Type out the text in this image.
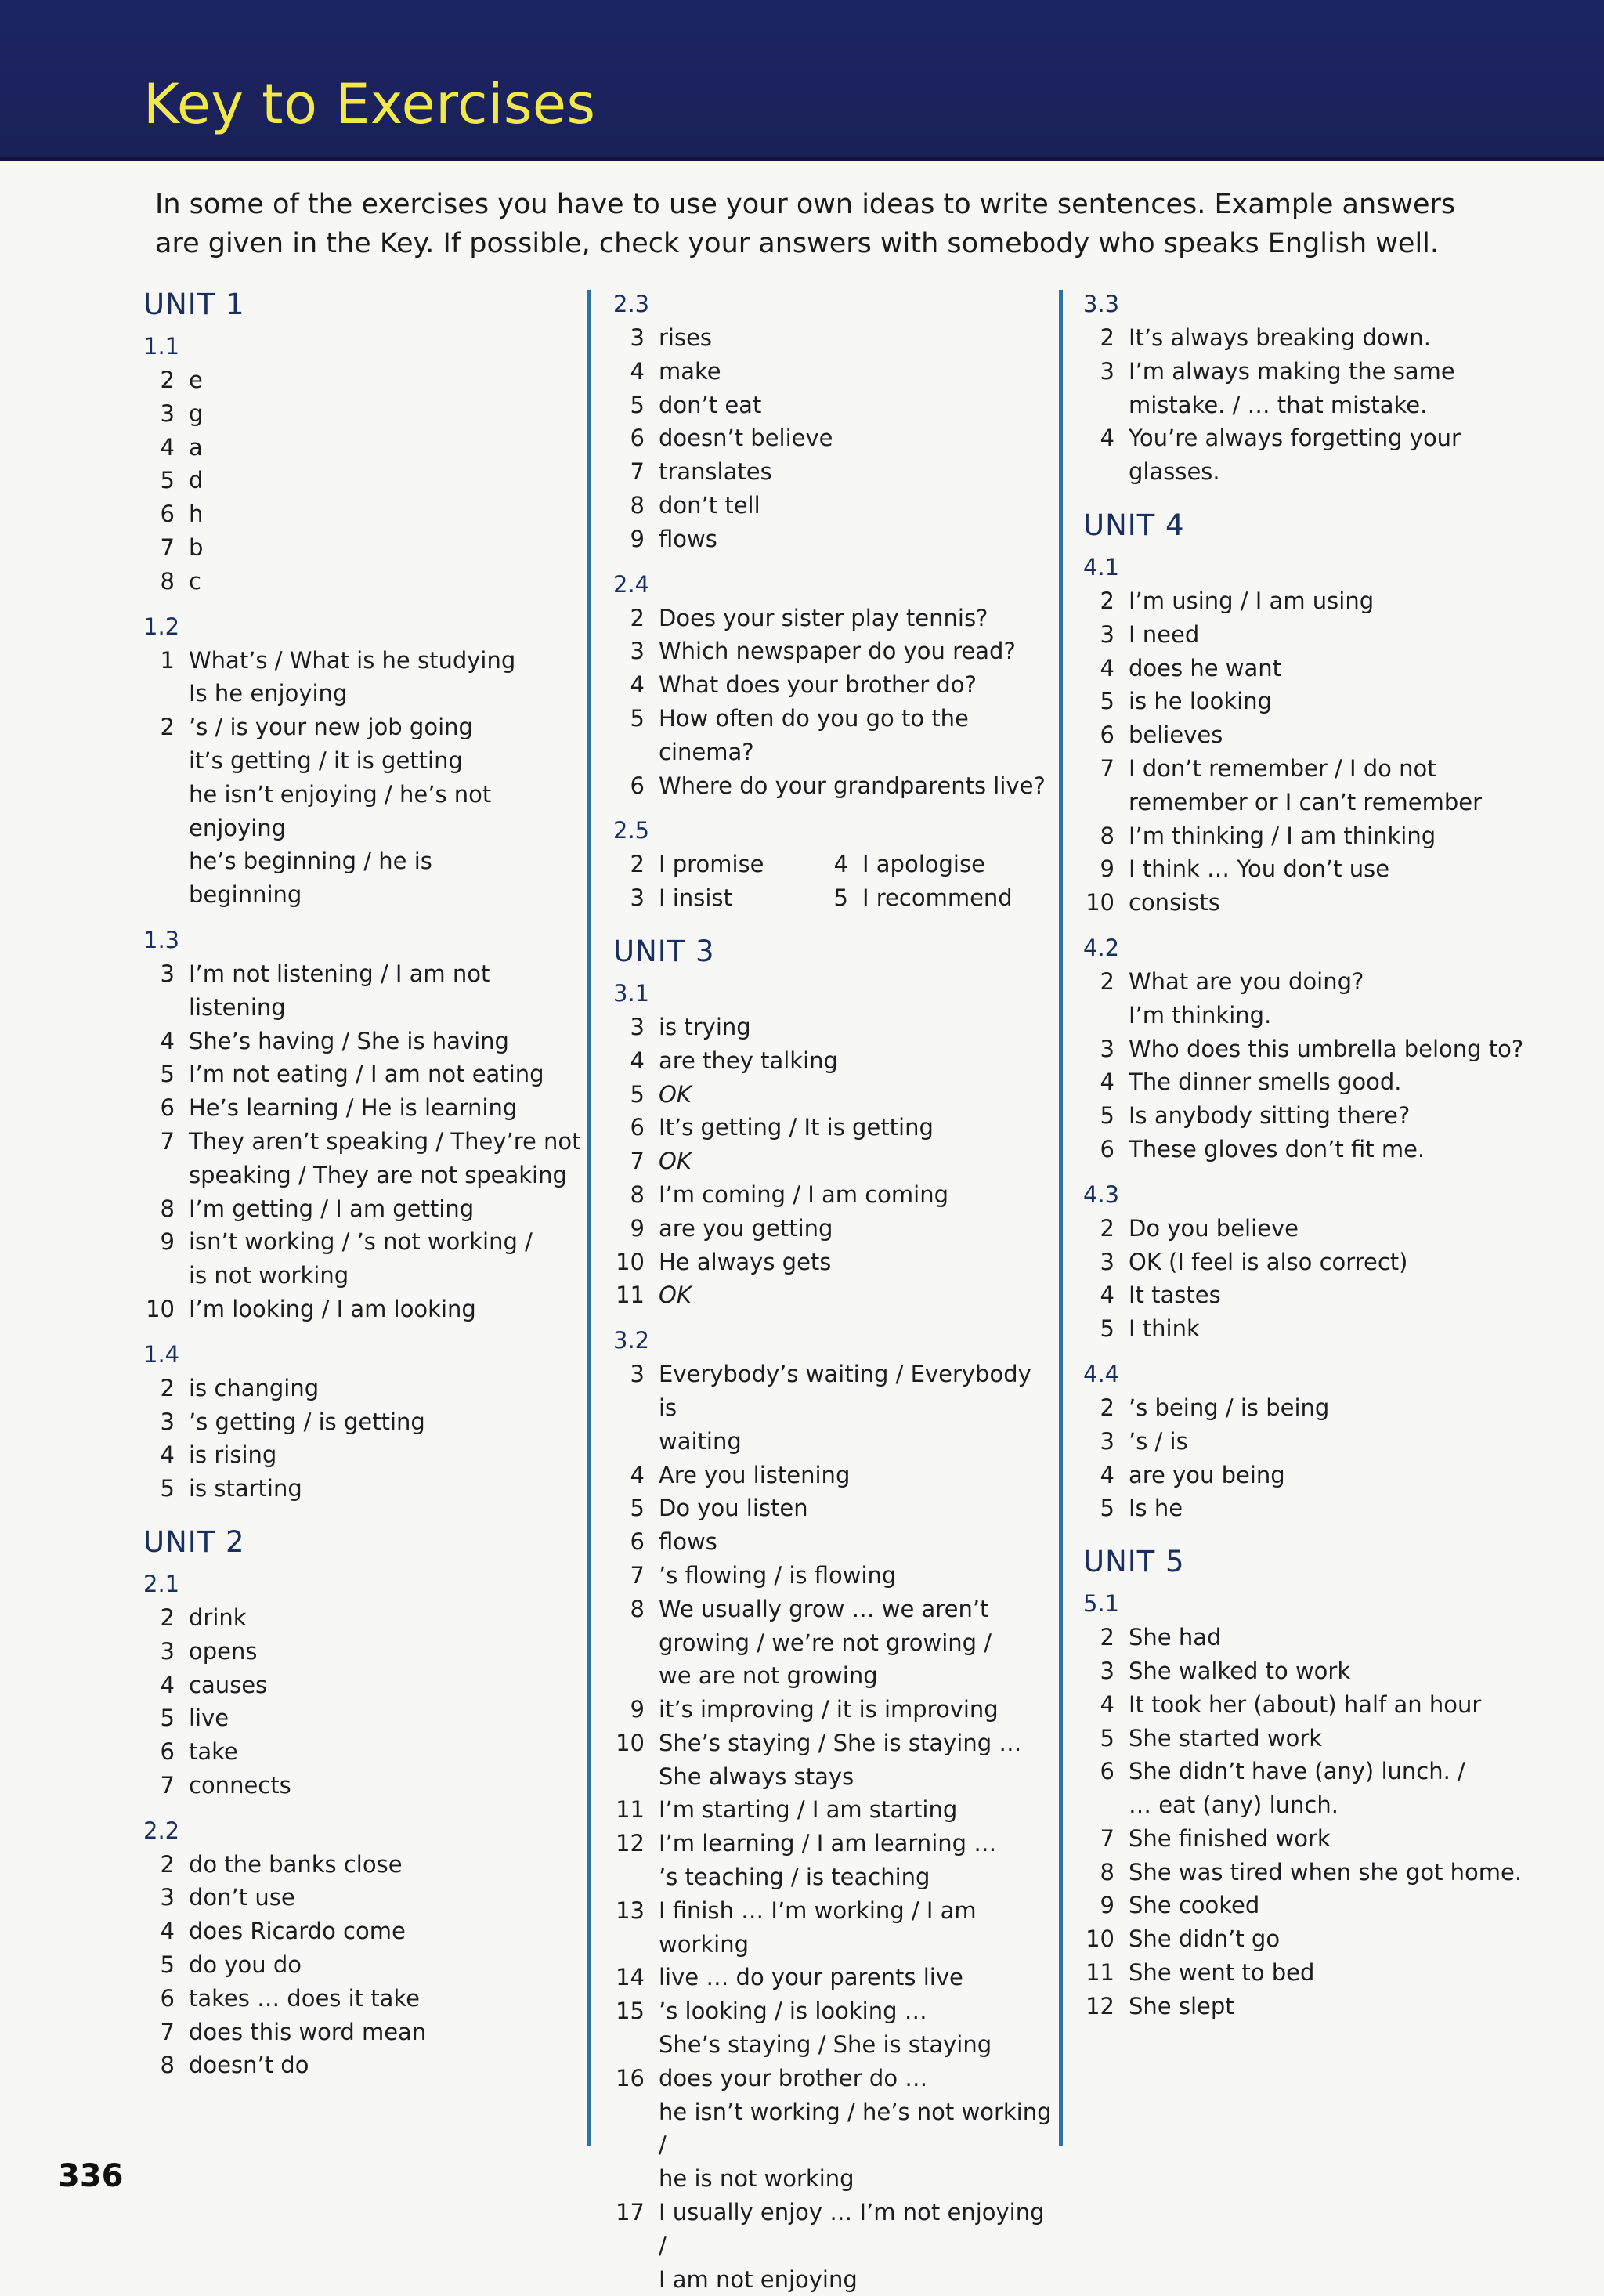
Key to Exercises
In some of the exercises you have to use your own ideas to write sentences. Example answers are given in the Key. If possible, check your answers with somebody who speaks English well.
UNIT 1
1.1
2 e
3 g
4 a
5 d
6 h
7 b
8 c
1.2
1 What’s / What is he studying
Is he enjoying
2 ’s / is your new job going
it’s getting / it is getting
he isn’t enjoying / he’s not
enjoying
he’s beginning / he is
beginning
1.3
3 I’m not listening / I am not
listening
4 She’s having / She is having
5 I’m not eating / I am not eating
6 He’s learning / He is learning
7 They aren’t speaking / They’re not
speaking / They are not speaking
8 I’m getting / I am getting
9 isn’t working / ’s not working /
is not working
10 I’m looking / I am looking
1.4
2 is changing
3 ’s getting / is getting
4 is rising
5 is starting
UNIT 2
2.1
2 drink
3 opens
4 causes
5 live
6 take
7 connects
2.2
2 do the banks close
3 don’t use
4 does Ricardo come
5 do you do
6 takes … does it take
7 does this word mean
8 doesn’t do
2.3
3 rises
4 make
5 don’t eat
6 doesn’t believe
7 translates
8 don’t tell
9 flows
2.4
2 Does your sister play tennis?
3 Which newspaper do you read?
4 What does your brother do?
5 How often do you go to the cinema?
6 Where do your grandparents live?
2.5
2 I promise
3 I insist
4 I apologise
5 I recommend
UNIT 3
3.1
3 is trying
4 are they talking
5 OK
6 It’s getting / It is getting
7 OK
8 I’m coming / I am coming
9 are you getting
10 He always gets
11 OK
3.2
3 Everybody’s waiting / Everybody is
waiting
4 Are you listening
5 Do you listen
6 flows
7 ’s flowing / is flowing
8 We usually grow … we aren’t
growing / we’re not growing /
we are not growing
9 it’s improving / it is improving
10 She’s staying / She is staying …
She always stays
11 I’m starting / I am starting
12 I’m learning / I am learning …
’s teaching / is teaching
13 I finish … I’m working / I am working
14 live … do your parents live
15 ’s looking / is looking …
She’s staying / She is staying
16 does your brother do …
he isn’t working / he’s not working /
he is not working
17 I usually enjoy … I’m not enjoying /
I am not enjoying
3.3
2 It’s always breaking down.
3 I’m always making the same
mistake. / … that mistake.
4 You’re always forgetting your glasses.
UNIT 4
4.1
2 I’m using / I am using
3 I need
4 does he want
5 is he looking
6 believes
7 I don’t remember / I do not
remember or I can’t remember
8 I’m thinking / I am thinking
9 I think … You don’t use
10 consists
4.2
2 What are you doing?
I’m thinking.
3 Who does this umbrella belong to?
4 The dinner smells good.
5 Is anybody sitting there?
6 These gloves don’t fit me.
4.3
2 Do you believe
3 OK (I feel is also correct)
4 It tastes
5 I think
4.4
2 ’s being / is being
3 ’s / is
4 are you being
5 Is he
UNIT 5
5.1
2 She had
3 She walked to work
4 It took her (about) half an hour
5 She started work
6 She didn’t have (any) lunch. /
… eat (any) lunch.
7 She finished work
8 She was tired when she got home.
9 She cooked
10 She didn’t go
11 She went to bed
12 She slept
336
